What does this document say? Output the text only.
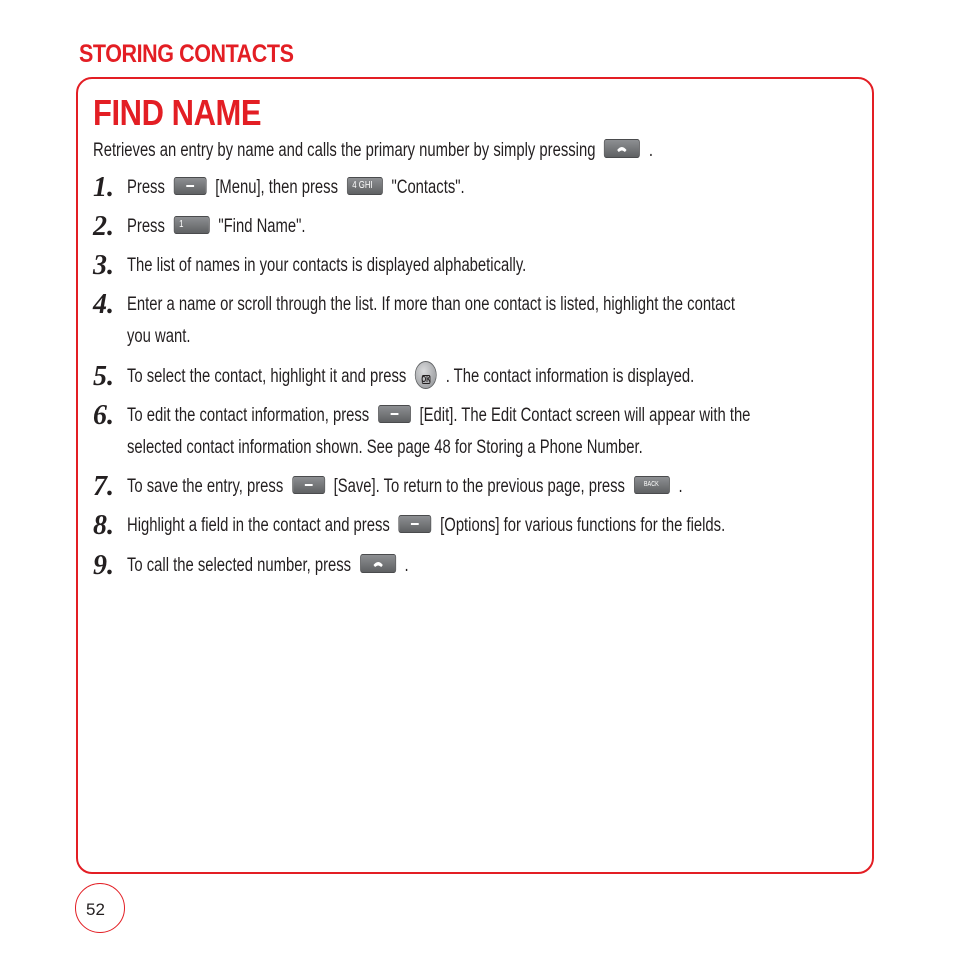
STORING CONTACTS
FIND NAME
Retrieves an entry by name and calls the primary number by simply pressing	.
1. Press	[Menu], then press 4 GHI "Contacts".
2. Press 1 "Find Name".
3. The list of names in your contacts is displayed alphabetically.
4. Enter a name or scroll through the list. If more than one contact is listed, highlight the contact
you want.
5. To select the contact, highlight it and press	OK . The contact information is displayed.
6. To edit the contact information, press	[Edit]. The Edit Contact screen will appear with the
selected contact information shown. See page 48 for Storing a Phone Number.
7. To save the entry, press	[Save]. To return to the previous page, press	BACK .
8. Highlight a field in the contact and press	[Options] for various functions for the fields.
9. To call the selected number, press	.
52
